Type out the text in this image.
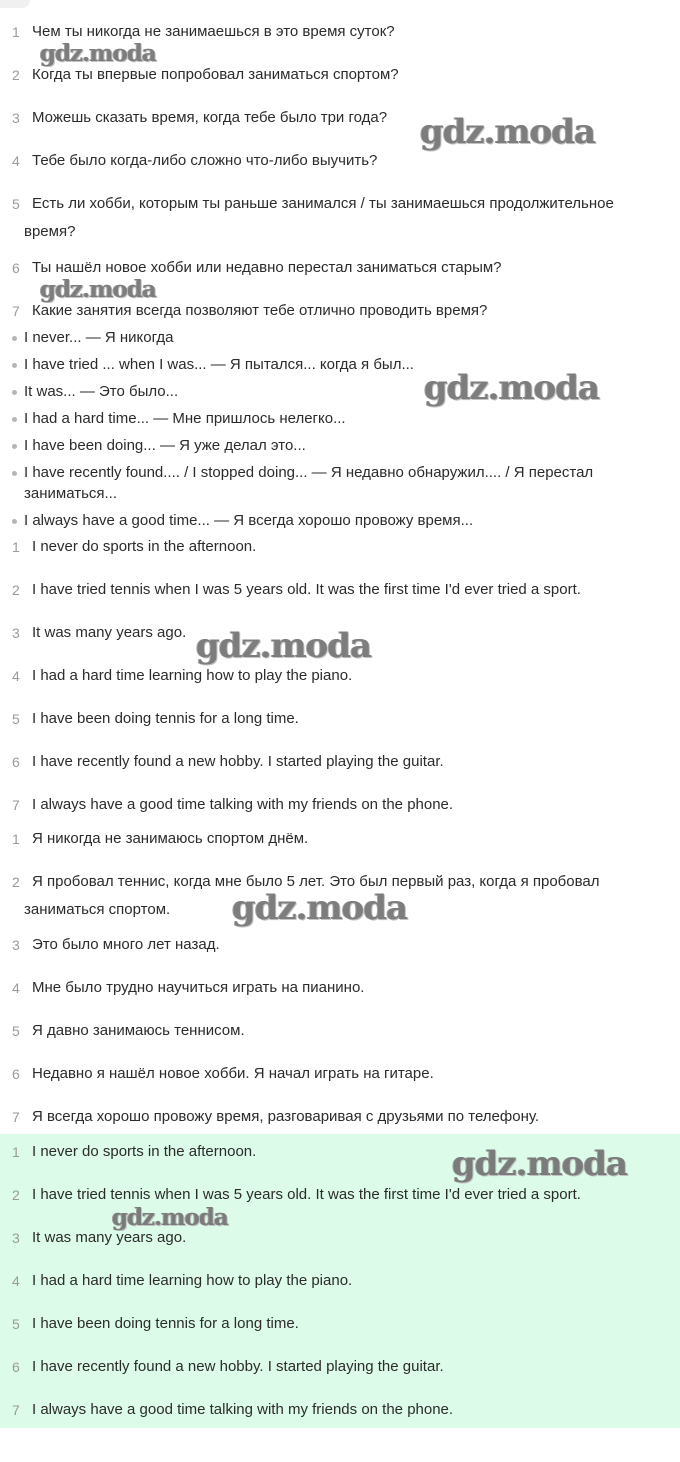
1 Чем ты никогда не занимаешься в это время суток?
2 Когда ты впервые попробовал заниматься спортом?
3 Можешь сказать время, когда тебе было три года?
4 Тебе было когда-либо сложно что-либо выучить?
5 Есть ли хобби, которым ты раньше занимался / ты занимаешься продолжительное
время?
6 Ты нашёл новое хобби или недавно перестал заниматься старым?
7 Какие занятия всегда позволяют тебе отлично проводить время?
I never... — Я никогда
I have tried ... when I was... — Я пытался... когда я был...
It was... — Это было...
I had a hard time... — Мне пришлось нелегко...
I have been doing... — Я уже делал это...
I have recently found.... / I stopped doing... — Я недавно обнаружил.... / Я перестал
заниматься...
I always have a good time... — Я всегда хорошо провожу время...
1 I never do sports in the afternoon.
2 I have tried tennis when I was 5 years old. It was the first time I'd ever tried a sport.
3 It was many years ago.
4 I had a hard time learning how to play the piano.
5 I have been doing tennis for a long time.
6 I have recently found a new hobby. I started playing the guitar.
7 I always have a good time talking with my friends on the phone.
1 Я никогда не занимаюсь спортом днём.
2 Я пробовал теннис, когда мне было 5 лет. Это был первый раз, когда я пробовал
заниматься спортом.
3 Это было много лет назад.
4 Мне было трудно научиться играть на пианино.
5 Я давно занимаюсь теннисом.
6 Недавно я нашёл новое хобби. Я начал играть на гитаре.
7 Я всегда хорошо провожу время, разговаривая с друзьями по телефону.
1 I never do sports in the afternoon.
2 I have tried tennis when I was 5 years old. It was the first time I'd ever tried a sport.
3 It was many years ago.
4 I had a hard time learning how to play the piano.
5 I have been doing tennis for a long time.
6 I have recently found a new hobby. I started playing the guitar.
7 I always have a good time talking with my friends on the phone.
gdz.moda
gdz.moda
gdz.moda
gdz.moda
gdz.moda
gdz.moda
gdz.moda
gdz.moda
